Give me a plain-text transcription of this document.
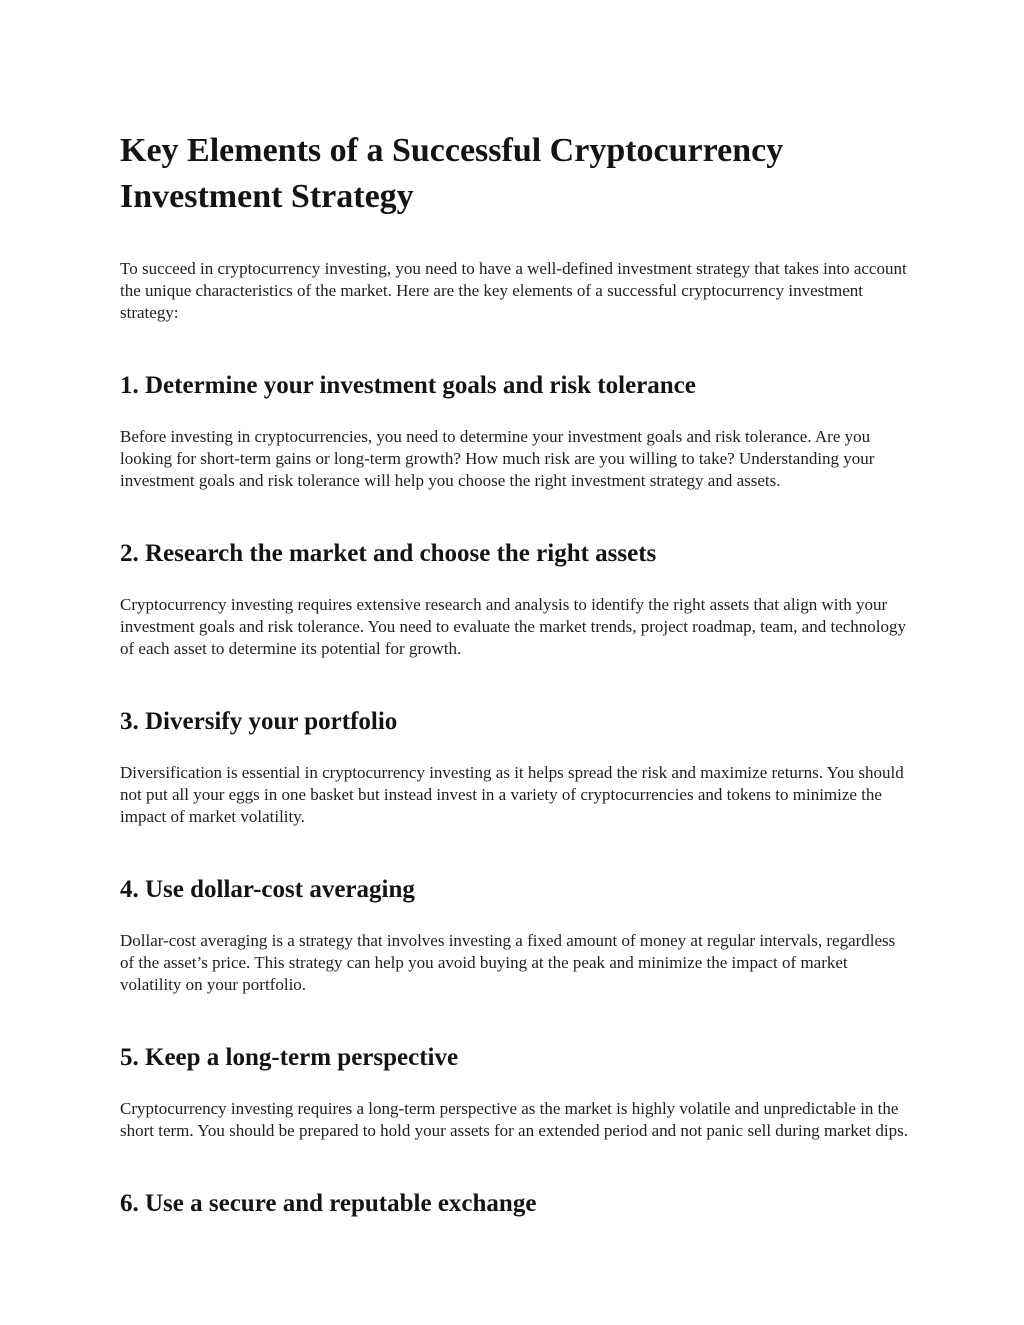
Key Elements of a Successful Cryptocurrency Investment Strategy

To succeed in cryptocurrency investing, you need to have a well-defined investment strategy that takes into account the unique characteristics of the market. Here are the key elements of a successful cryptocurrency investment strategy:

1. Determine your investment goals and risk tolerance

Before investing in cryptocurrencies, you need to determine your investment goals and risk tolerance. Are you looking for short-term gains or long-term growth? How much risk are you willing to take? Understanding your investment goals and risk tolerance will help you choose the right investment strategy and assets.

2. Research the market and choose the right assets

Cryptocurrency investing requires extensive research and analysis to identify the right assets that align with your investment goals and risk tolerance. You need to evaluate the market trends, project roadmap, team, and technology of each asset to determine its potential for growth.

3. Diversify your portfolio

Diversification is essential in cryptocurrency investing as it helps spread the risk and maximize returns. You should not put all your eggs in one basket but instead invest in a variety of cryptocurrencies and tokens to minimize the impact of market volatility.

4. Use dollar-cost averaging

Dollar-cost averaging is a strategy that involves investing a fixed amount of money at regular intervals, regardless of the asset’s price. This strategy can help you avoid buying at the peak and minimize the impact of market volatility on your portfolio.

5. Keep a long-term perspective

Cryptocurrency investing requires a long-term perspective as the market is highly volatile and unpredictable in the short term. You should be prepared to hold your assets for an extended period and not panic sell during market dips.

6. Use a secure and reputable exchange
